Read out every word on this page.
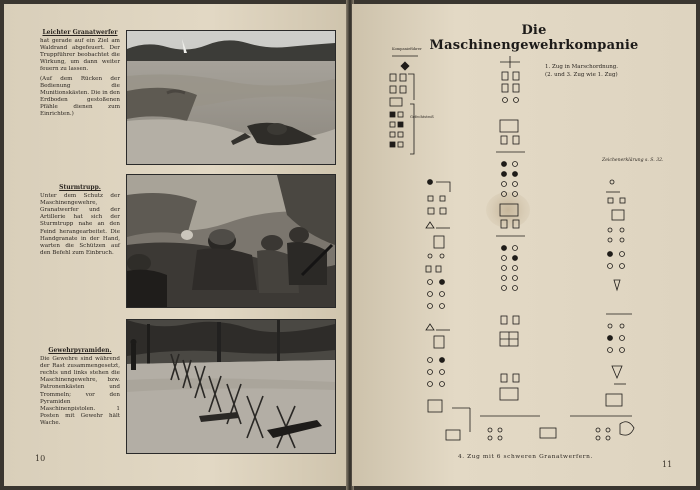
Leichter Granatwerfer

hat gerade auf ein Ziel am Waldrand abgefeuert. Der Truppführer beobachtet die Wirkung, um dann weiter feuern zu lassen.

(Auf dem Rücken der Bedienung die Munitionskästen. Die in den Erdboden gestoßenen Pfähle dienen zum Einrichten.)

Sturmtrupp.

Unter dem Schutz der Maschinengewehre, Granatwerfer und der Artillerie hat sich der Sturmtrupp nahe an den Feind herangearbeitet. Die Handgranate in der Hand, warten die Schützen auf den Befehl zum Einbruch.

Gewehrpyramiden.

Die Gewehre sind während der Rast zusammengesetzt, rechts und links stehen die Maschinengewehre, bzw. Patronenkästen und Trommeln; vor den Pyramiden Maschinenpistolen. 1 Posten mit Gewehr hält Wache.

10
Die Maschinengewehrkompanie
1. Zug in Marschordnung.
(2. und 3. Zug wie 1. Zug)
Zeichenerklärung s. S. 32.
Kompanieführer
Gefechtstroß
4. Zug mit 6 schweren Granatwerfern.
11
